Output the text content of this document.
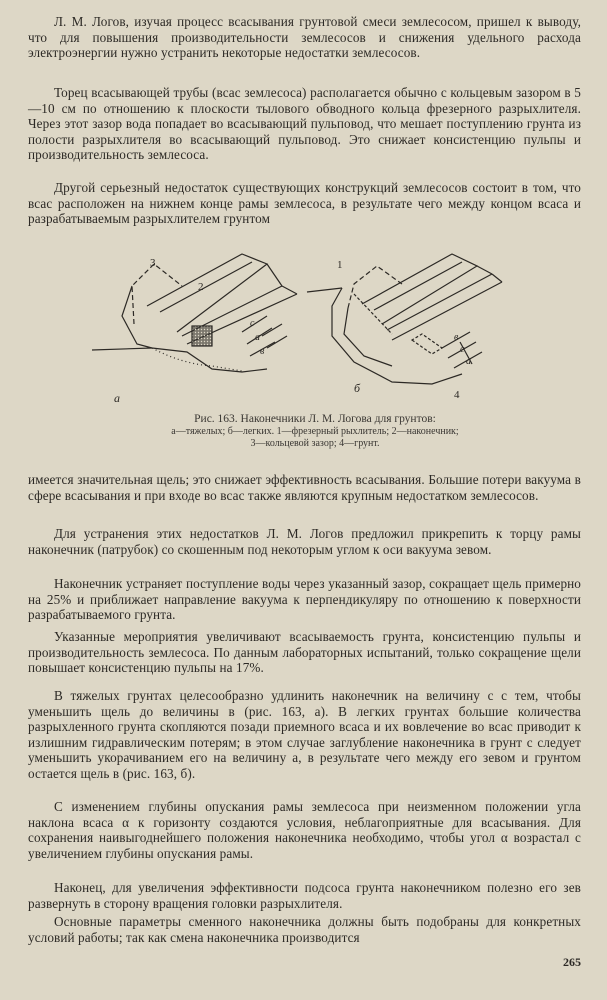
Л. М. Логов, изучая процесс всасывания грунтовой смеси землесосом, пришел к выводу, что для повышения производительности землесосов и снижения удельного расхода электроэнергии нужно устранить некоторые недостатки землесосов.

Торец всасывающей трубы (всас землесоса) располагается обычно с кольцевым зазором в 5—10 см по отношению к плоскости тылового обводного кольца фрезерного разрыхлителя. Через этот зазор вода попадает во всасывающий пульповод, что мешает поступлению грунта из полости разрыхлителя во всасывающий пульповод. Это снижает консистенцию пульпы и производительность землесоса.

Другой серьезный недостаток существующих конструкций землесосов состоит в том, что всас расположен на нижнем конце рамы землесоса, в результате чего между концом всаса и разрабатываемым разрыхлителем грунтом

3
2
1
4
c
а
в
в
c
а
а
б

Рис. 163. Наконечники Л. М. Логова для грунтов:
а—тяжелых; б—легких. 1—фрезерный рыхлитель; 2—наконечник;
3—кольцевой зазор; 4—грунт.

имеется значительная щель; это снижает эффективность всасывания. Большие потери вакуума в сфере всасывания и при входе во всас также являются крупным недостатком землесосов.

Для устранения этих недостатков Л. М. Логов предложил прикрепить к торцу рамы наконечник (патрубок) со скошенным под некоторым углом к оси вакуума зевом.

Наконечник устраняет поступление воды через указанный зазор, сокращает щель примерно на 25% и приближает направление вакуума к перпендикуляру по отношению к поверхности разрабатываемого грунта.

Указанные мероприятия увеличивают всасываемость грунта, консистенцию пульпы и производительность землесоса. По данным лабораторных испытаний, только сокращение щели повышает консистенцию пульпы на 17%.

В тяжелых грунтах целесообразно удлинить наконечник на величину c с тем, чтобы уменьшить щель до величины в (рис. 163, а). В легких грунтах большие количества разрыхленного грунта скопляются позади приемного всаса и их вовлечение во всас приводит к излишним гидравлическим потерям; в этом случае заглубление наконечника в грунт c следует уменьшить укорачиванием его на величину а, в результате чего между его зевом и грунтом остается щель в (рис. 163, б).

С изменением глубины опускания рамы землесоса при неизменном положении угла наклона всаса α к горизонту создаются условия, неблагоприятные для всасывания. Для сохранения наивыгоднейшего положения наконечника необходимо, чтобы угол α возрастал с увеличением глубины опускания рамы.

Наконец, для увеличения эффективности подсоса грунта наконечником полезно его зев развернуть в сторону вращения головки разрыхлителя.

Основные параметры сменного наконечника должны быть подобраны для конкретных условий работы; так как смена наконечника производится

265
